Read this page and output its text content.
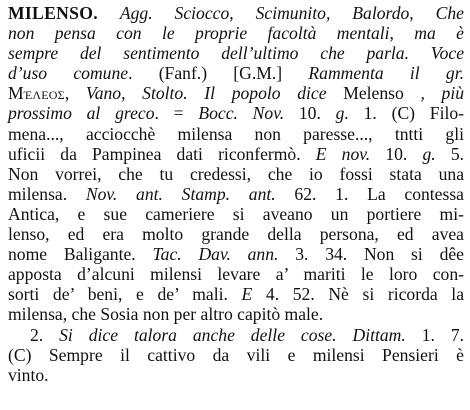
MILENSO. Agg. Sciocco, Scimunito, Balordo, Che
non pensa con le proprie facoltà mentali, ma è
sempre del sentimento dell’ultimo che parla. Voce
d’uso comune. (Fanf.) [G.M.] Rammenta il gr.
Μέλεος, Vano, Stolto. Il popolo dice Melenso , più
prossimo al greco. = Bocc. Nov. 10. g. 1. (C) Filo-
mena..., acciocchè milensa non paresse..., tntti gli
uficii da Pampinea dati riconfermò. E nov. 10. g. 5.
Non vorrei, che tu credessi, che io fossi stata una
milensa. Nov. ant. Stamp. ant. 62. 1. La contessa
Antica, e sue cameriere si aveano un portiere mi-
lenso, ed era molto grande della persona, ed avea
nome Baligante. Tac. Dav. ann. 3. 34. Non si dêe
apposta d’alcuni milensi levare a’ mariti le loro con-
sorti de’ beni, e de’ mali. E 4. 52. Nè si ricorda la
milensa, che Sosia non per altro capitò male.
2. Si dice talora anche delle cose. Dittam. 1. 7.
(C) Sempre il cattivo da vili e milensi Pensieri è
vinto.
